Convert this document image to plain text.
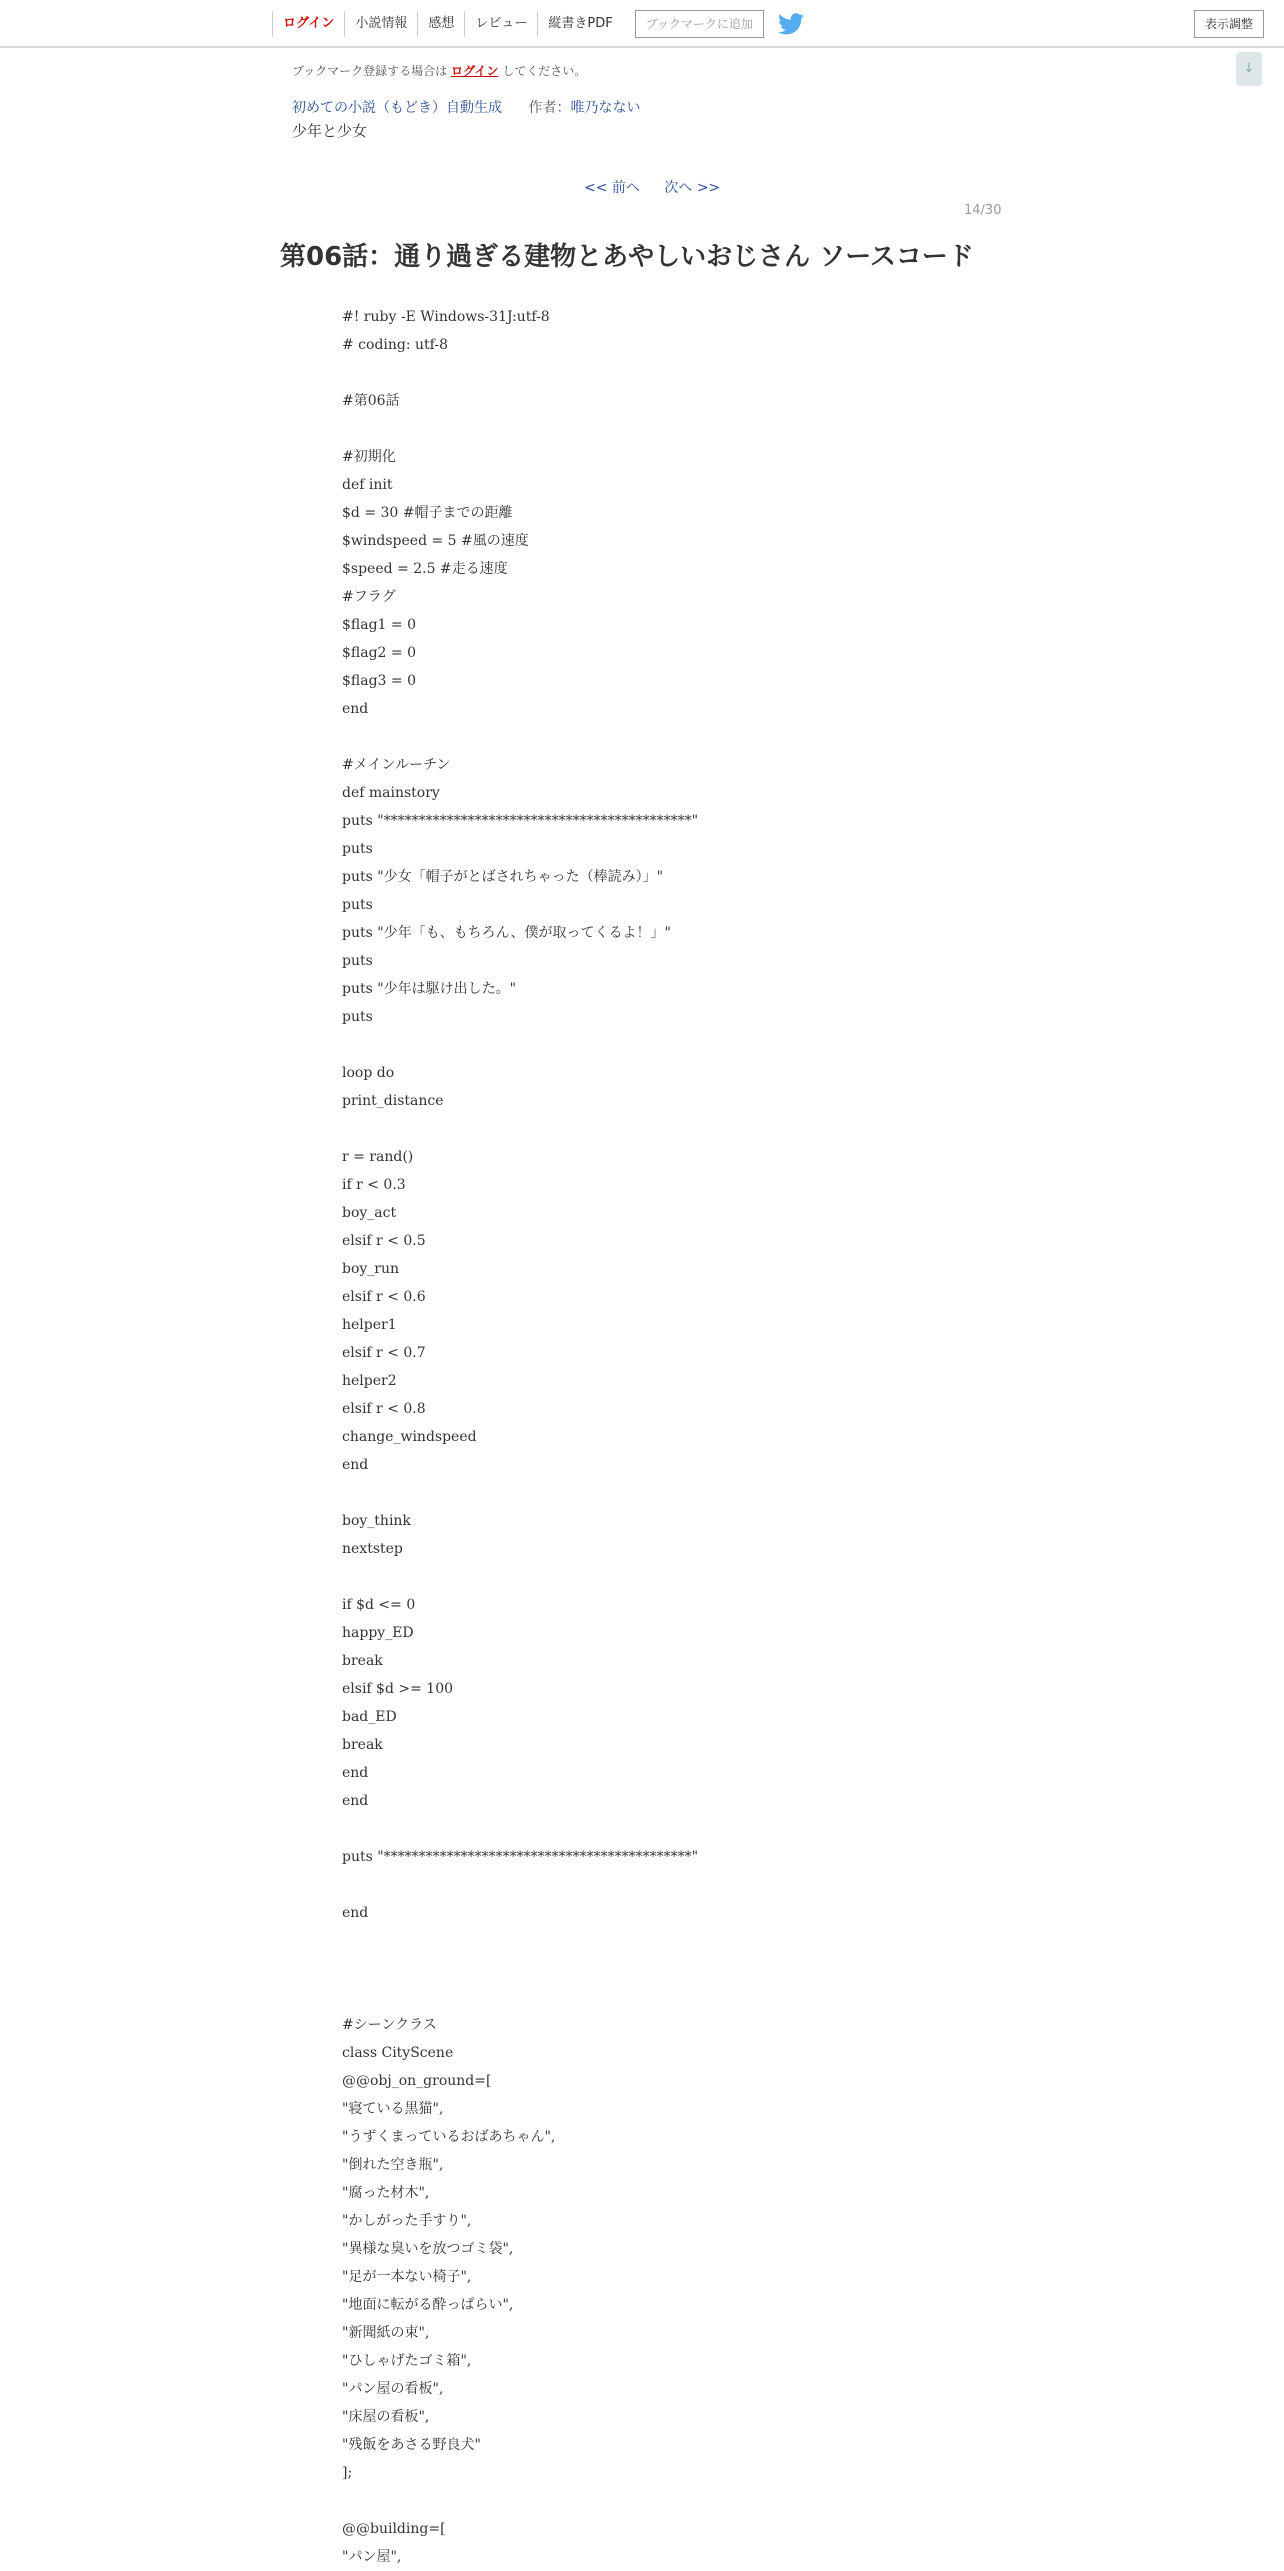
ログイン	小説情報	感想	レビュー	縦書きPDF	ブックマークに追加	表示調整
↓
ブックマーク登録する場合は ログイン してください。
初めての小説（もどき）自動生成 作者：唯乃なない
少年と少女
<< 前へ 次へ >>
14/30
第06話：通り過ぎる建物とあやしいおじさん ソースコード
#! ruby -E Windows-31J:utf-8
# coding: utf-8
#第06話
#初期化
def init
$d = 30 #帽子までの距離
$windspeed = 5 #風の速度
$speed = 2.5 #走る速度
#フラグ
$flag1 = 0
$flag2 = 0
$flag3 = 0
end
#メインルーチン
def mainstory
puts "********************************************"
puts
puts "少女「帽子がとばされちゃった（棒読み）」"
puts
puts "少年「も、もちろん、僕が取ってくるよ！」"
puts
puts "少年は駆け出した。"
puts
loop do
print_distance
r = rand()
if r < 0.3
boy_act
elsif r < 0.5
boy_run
elsif r < 0.6
helper1
elsif r < 0.7
helper2
elsif r < 0.8
change_windspeed
end
boy_think
nextstep
if $d <= 0
happy_ED
break
elsif $d >= 100
bad_ED
break
end
end
puts "********************************************"
end
#シーンクラス
class CityScene
@@obj_on_ground=[
"寝ている黒猫",
"うずくまっているおばあちゃん",
"倒れた空き瓶",
"腐った材木",
"かしがった手すり",
"異様な臭いを放つゴミ袋",
"足が一本ない椅子",
"地面に転がる酔っぱらい",
"新聞紙の束",
"ひしゃげたゴミ箱",
"パン屋の看板",
"床屋の看板",
"残飯をあさる野良犬"
];
@@building=[
"パン屋",
